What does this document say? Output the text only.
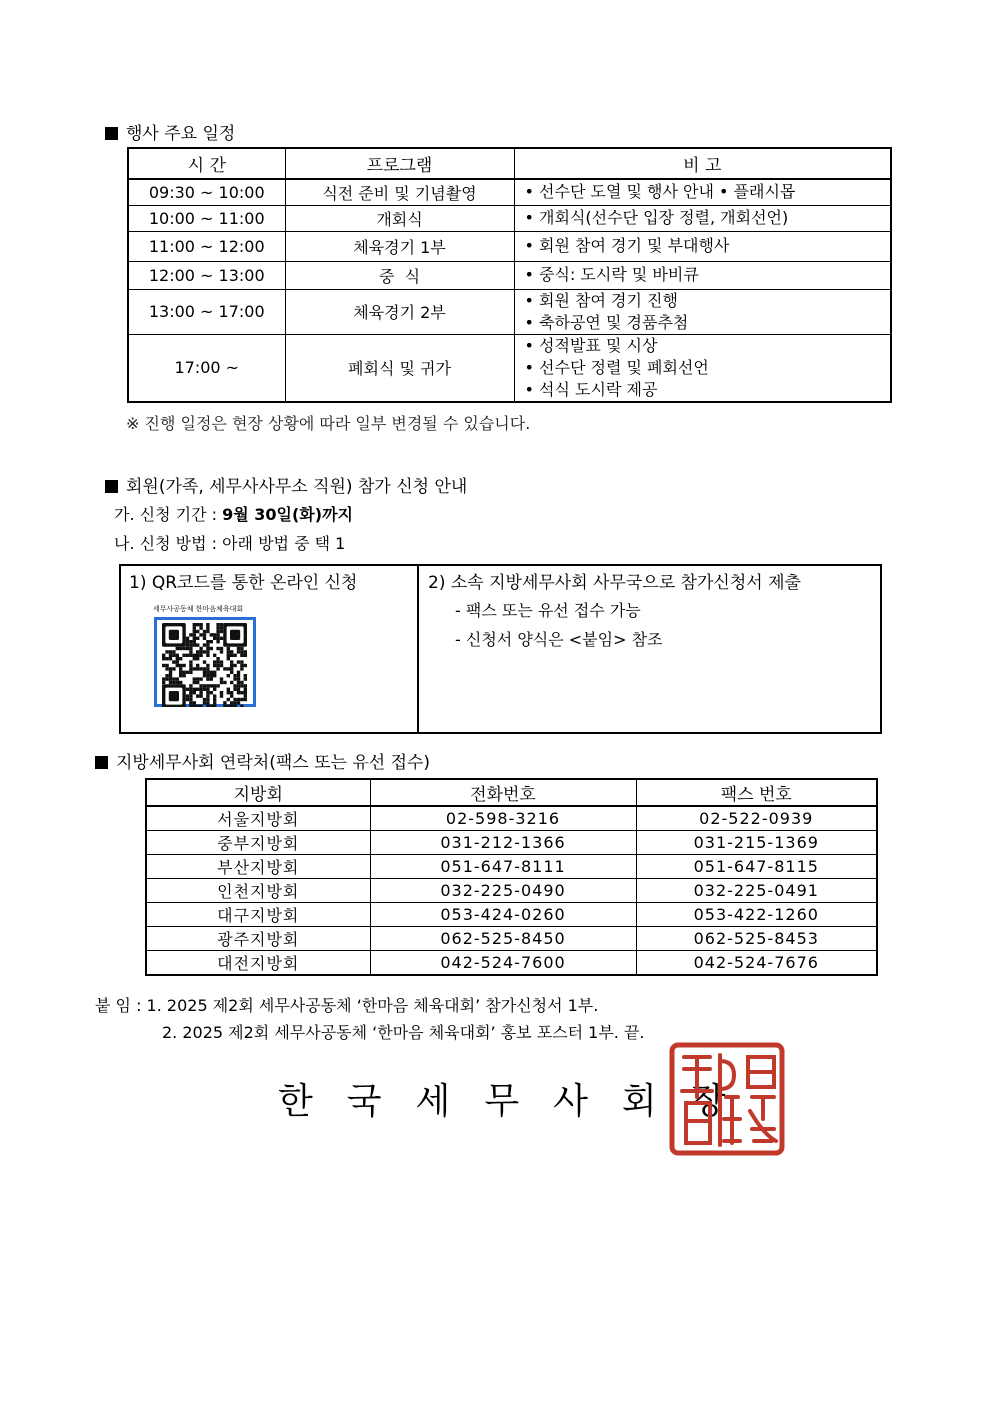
행사 주요 일정
시 간	프로그램	비 고
09:30 ~ 10:00	식전 준비 및 기념촬영	• 선수단 도열 및 행사 안내 • 플래시몹

10:00 ~ 11:00	개회식	• 개회식(선수단 입장 정렬, 개회선언)

11:00 ~ 12:00	체육경기 1부	• 회원 참여 경기 및 부대행사

12:00 ~ 13:00	중  식	• 중식: 도시락 및 바비큐

13:00 ~ 17:00	체육경기 2부	• 회원 참여 경기 진행
• 축하공연 및 경품추첨

17:00 ~	폐회식 및 귀가	• 성적발표 및 시상
• 선수단 정렬 및 폐회선언
• 석식 도시락 제공
※ 진행 일정은 현장 상황에 따라 일부 변경될 수 있습니다.
회원(가족, 세무사사무소 직원) 참가 신청 안내
가. 신청 기간 : 9월 30일(화)까지
나. 신청 방법 : 아래 방법 중 택 1
1) QR코드를 통한 온라인 신청
세무사공동체 한마음체육대회
2) 소속 지방세무사회 사무국으로 참가신청서 제출
- 팩스 또는 유선 접수 가능
- 신청서 양식은 <붙임> 참조
지방세무사회 연락처(팩스 또는 유선 접수)
지방회	전화번호	팩스 번호
서울지방회	02-598-3216	02-522-0939
중부지방회	031-212-1366	031-215-1369
부산지방회	051-647-8111	051-647-8115
인천지방회	032-225-0490	032-225-0491
대구지방회	053-424-0260	053-422-1260
광주지방회	062-525-8450	062-525-8453
대전지방회	042-524-7600	042-524-7676
붙 임 : 1. 2025 제2회 세무사공동체 ‘한마음 체육대회’ 참가신청서 1부.
2. 2025 제2회 세무사공동체 ‘한마음 체육대회’ 홍보 포스터 1부. 끝.
한국세무사회장
